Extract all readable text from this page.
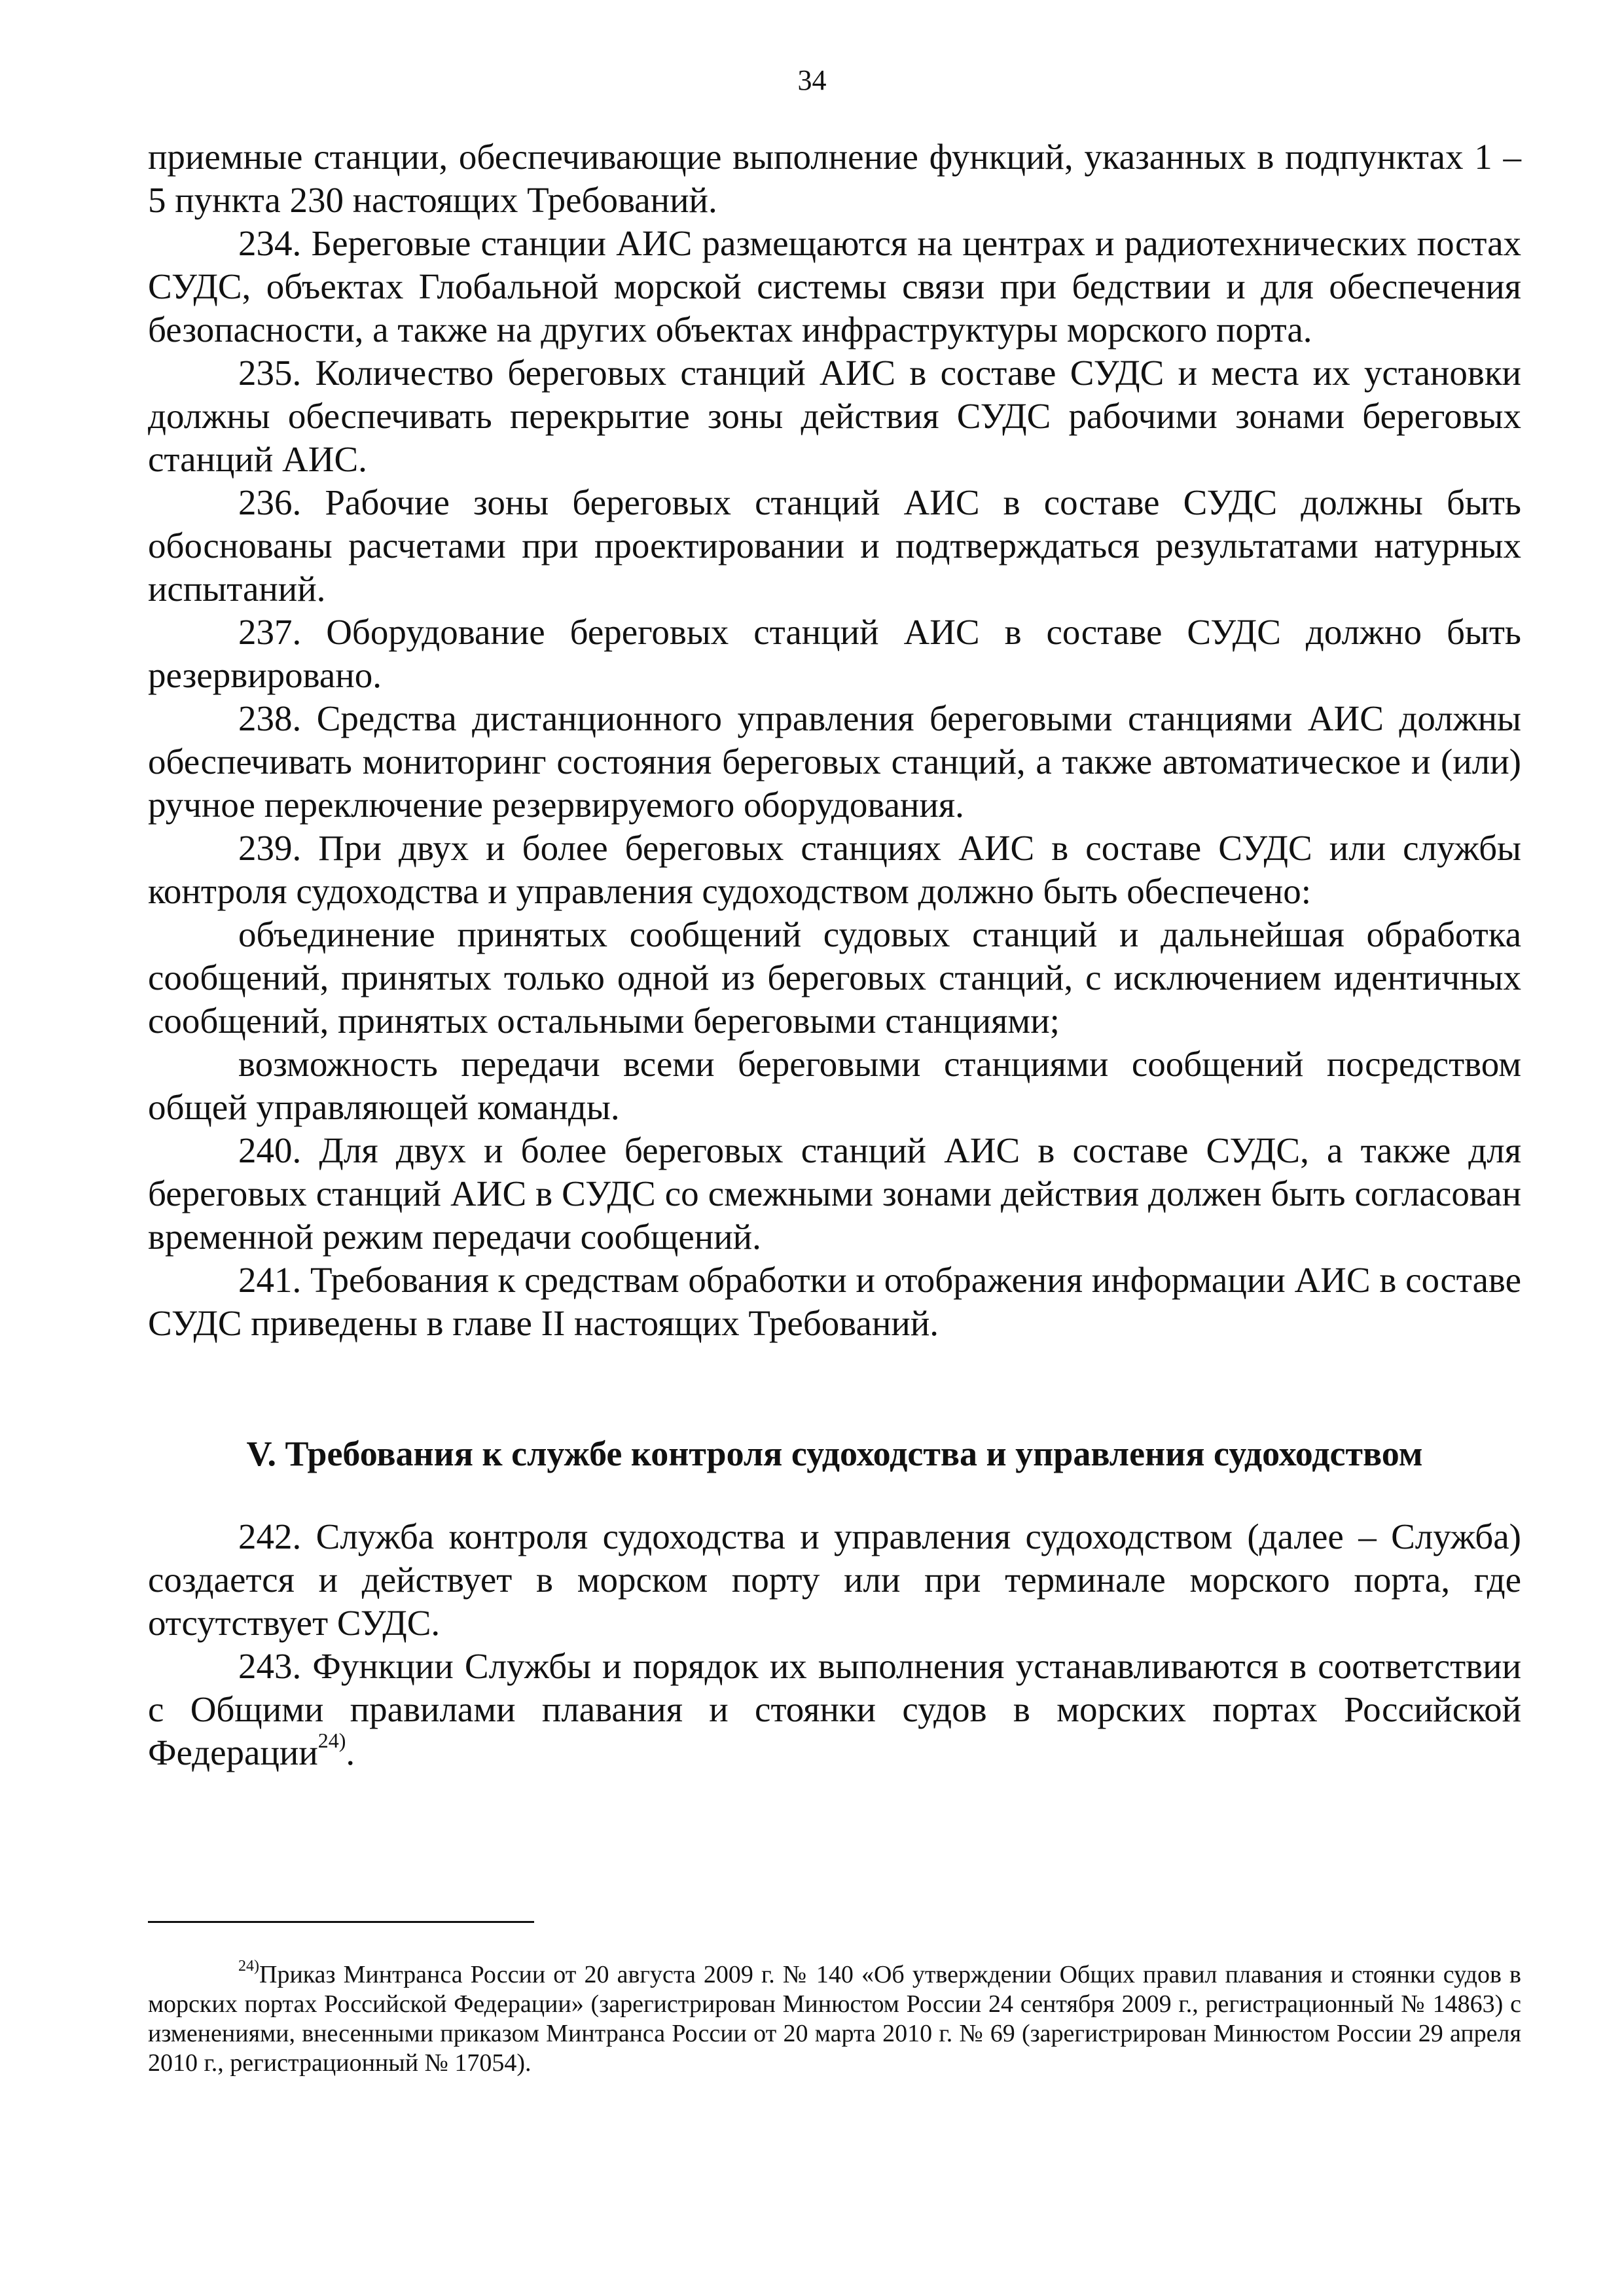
34

приемные станции, обеспечивающие выполнение функций, указанных в подпунктах 1 – 5 пункта 230 настоящих Требований.

234. Береговые станции АИС размещаются на центрах и радиотехнических постах СУДС, объектах Глобальной морской системы связи при бедствии и для обеспечения безопасности, а также на других объектах инфраструктуры морского порта.

235. Количество береговых станций АИС в составе СУДС и места их установки должны обеспечивать перекрытие зоны действия СУДС рабочими зонами береговых станций АИС.

236. Рабочие зоны береговых станций АИС в составе СУДС должны быть обоснованы расчетами при проектировании и подтверждаться результатами натурных испытаний.

237. Оборудование береговых станций АИС в составе СУДС должно быть резервировано.

238. Средства дистанционного управления береговыми станциями АИС должны обеспечивать мониторинг состояния береговых станций, а также автоматическое и (или) ручное переключение резервируемого оборудования.

239. При двух и более береговых станциях АИС в составе СУДС или службы контроля судоходства и управления судоходством должно быть обеспечено:

объединение принятых сообщений судовых станций и дальнейшая обработка сообщений, принятых только одной из береговых станций, с исключением идентичных сообщений, принятых остальными береговыми станциями;

возможность передачи всеми береговыми станциями сообщений посредством общей управляющей команды.

240. Для двух и более береговых станций АИС в составе СУДС, а также для береговых станций АИС в СУДС со смежными зонами действия должен быть согласован временной режим передачи сообщений.

241. Требования к средствам обработки и отображения информации АИС в составе СУДС приведены в главе II настоящих Требований.

V. Требования к службе контроля судоходства и управления судоходством

242. Служба контроля судоходства и управления судоходством (далее – Служба) создается и действует в морском порту или при терминале морского порта, где отсутствует СУДС.

243. Функции Службы и порядок их выполнения устанавливаются в соответствии с Общими правилами плавания и стоянки судов в морских портах Российской Федерации$^{24)}$.

$^{24)}$Приказ Минтранса России от 20 августа 2009 г. № 140 «Об утверждении Общих правил плавания и стоянки судов в морских портах Российской Федерации» (зарегистрирован Минюстом России 24 сентября 2009 г., регистрационный № 14863) с изменениями, внесенными приказом Минтранса России от 20 марта 2010 г. № 69 (зарегистрирован Минюстом России 29 апреля 2010 г., регистрационный № 17054).
